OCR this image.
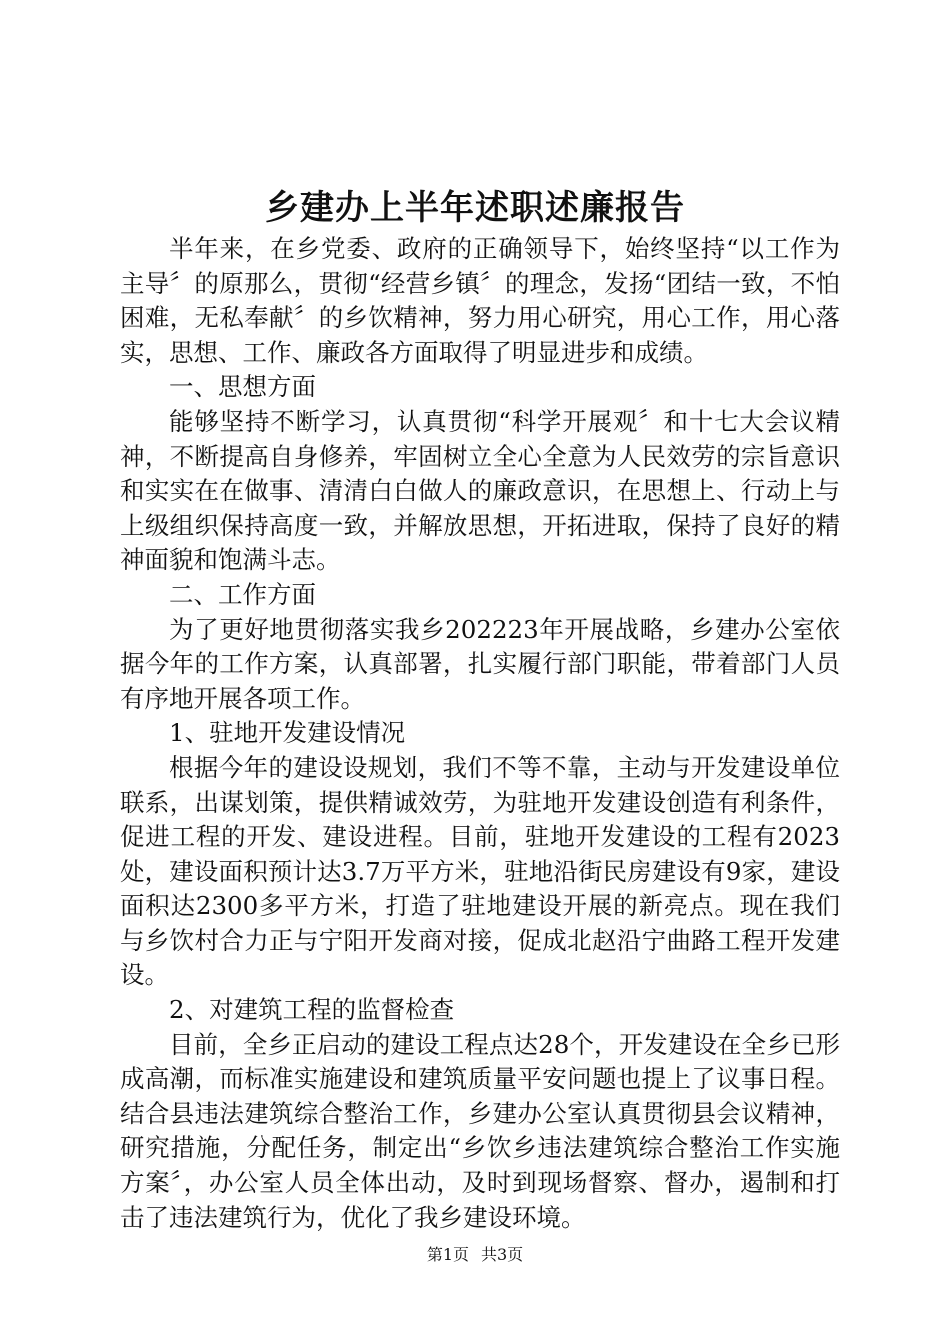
乡建办上半年述职述廉报告

半年来，在乡党委、政府的正确领导下，始终坚持“以工作为主导〞的原那么，贯彻“经营乡镇〞的理念，发扬“团结一致，不怕困难，无私奉献〞的乡饮精神，努力用心研究，用心工作，用心落实，思想、工作、廉政各方面取得了明显进步和成绩。

一、思想方面

能够坚持不断学习，认真贯彻“科学开展观〞和十七大会议精神，不断提高自身修养，牢固树立全心全意为人民效劳的宗旨意识和实实在在做事、清清白白做人的廉政意识，在思想上、行动上与上级组织保持高度一致，并解放思想，开拓进取，保持了良好的精神面貌和饱满斗志。

二、工作方面

为了更好地贯彻落实我乡202223年开展战略，乡建办公室依据今年的工作方案，认真部署，扎实履行部门职能，带着部门人员有序地开展各项工作。

1、驻地开发建设情况

根据今年的建设设规划，我们不等不靠，主动与开发建设单位联系，出谋划策，提供精诚效劳，为驻地开发建设创造有利条件，促进工程的开发、建设进程。目前，驻地开发建设的工程有2023处，建设面积预计达3.7万平方米，驻地沿街民房建设有9家，建设面积达2300多平方米，打造了驻地建设开展的新亮点。现在我们与乡饮村合力正与宁阳开发商对接，促成北赵沿宁曲路工程开发建设。

2、对建筑工程的监督检查

目前，全乡正启动的建设工程点达28个，开发建设在全乡已形成高潮，而标准实施建设和建筑质量平安问题也提上了议事日程。结合县违法建筑综合整治工作，乡建办公室认真贯彻县会议精神，研究措施，分配任务，制定出“乡饮乡违法建筑综合整治工作实施方案〞，办公室人员全体出动，及时到现场督察、督办，遏制和打击了违法建筑行为，优化了我乡建设环境。

第1页 共3页
